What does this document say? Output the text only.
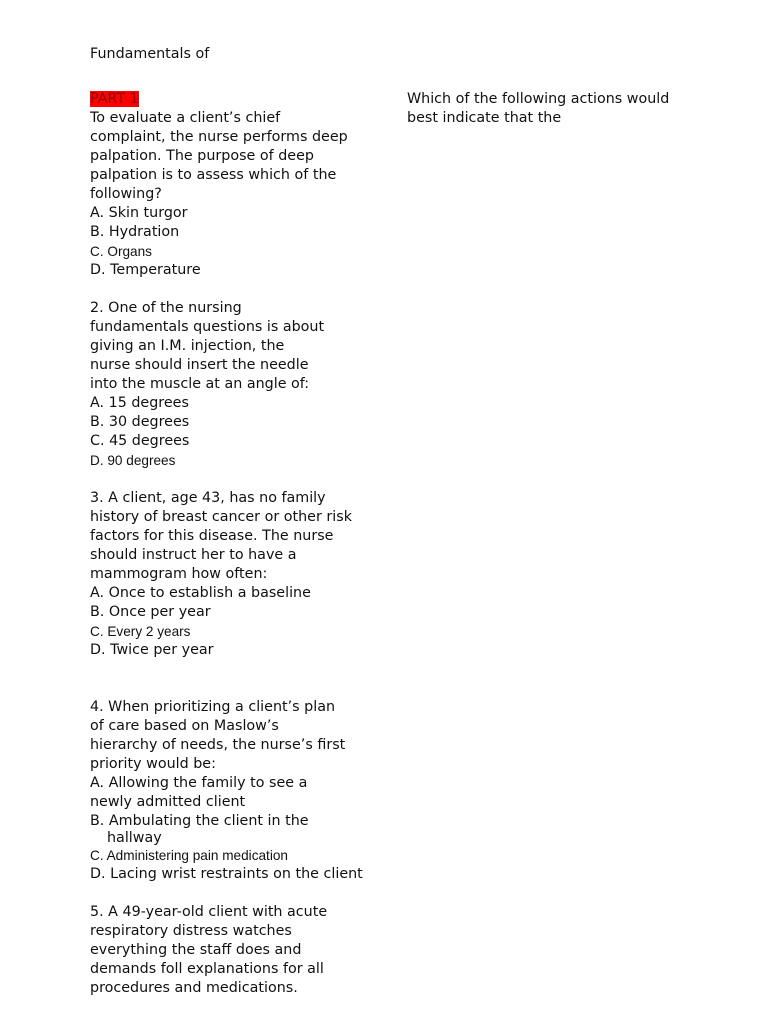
Fundamentals of
PART 1
To evaluate a client’s chief
complaint, the nurse performs deep
palpation. The purpose of deep
palpation is to assess which of the
following?
A. Skin turgor
B. Hydration
C. Organs
D. Temperature
2. One of the nursing
fundamentals questions is about
giving an I.M. injection, the
nurse should insert the needle
into the muscle at an angle of:
A. 15 degrees
B. 30 degrees
C. 45 degrees
D. 90 degrees
3. A client, age 43, has no family
history of breast cancer or other risk
factors for this disease. The nurse
should instruct her to have a
mammogram how often:
A. Once to establish a baseline
B. Once per year
C. Every 2 years
D. Twice per year
4. When prioritizing a client’s plan
of care based on Maslow’s
hierarchy of needs, the nurse’s first
priority would be:
A. Allowing the family to see a
newly admitted client
B. Ambulating the client in the
hallway
C. Administering pain medication
D. Lacing wrist restraints on the client
5. A 49-year-old client with acute
respiratory distress watches
everything the staff does and
demands foll explanations for all
procedures and medications.
Which of the following actions would
best indicate that the
